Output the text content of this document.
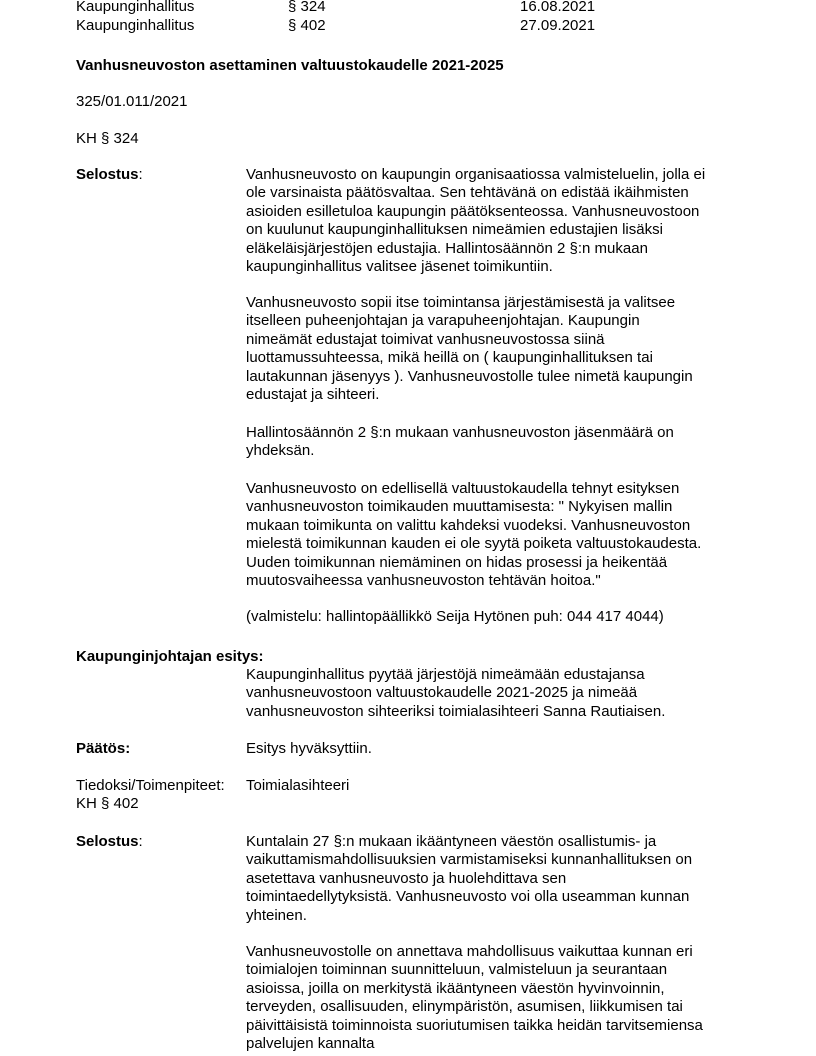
Kaupunginhallitus	§ 324	16.08.2021
Kaupunginhallitus	§ 402	27.09.2021
Vanhusneuvoston asettaminen valtuustokaudelle 2021-2025
325/01.011/2021
KH § 324
Selostus:	Vanhusneuvosto on kaupungin organisaatiossa valmisteluelin, jolla ei
ole varsinaista päätösvaltaa. Sen tehtävänä on edistää ikäihmisten
asioiden esilletuloa kaupungin päätöksenteossa. Vanhusneuvostoon
on kuulunut kaupunginhallituksen nimeämien edustajien lisäksi
eläkeläisjärjestöjen edustajia. Hallintosäännön 2 §:n mukaan
kaupunginhallitus valitsee jäsenet toimikuntiin.
Vanhusneuvosto sopii itse toimintansa järjestämisestä ja valitsee
itselleen puheenjohtajan ja varapuheenjohtajan. Kaupungin
nimeämät edustajat toimivat vanhusneuvostossa siinä
luottamussuhteessa, mikä heillä on ( kaupunginhallituksen tai
lautakunnan jäsenyys ). Vanhusneuvostolle tulee nimetä kaupungin
edustajat ja sihteeri.
Hallintosäännön 2 §:n mukaan vanhusneuvoston jäsenmäärä on
yhdeksän.
Vanhusneuvosto on edellisellä valtuustokaudella tehnyt esityksen
vanhusneuvoston toimikauden muuttamisesta: " Nykyisen mallin
mukaan toimikunta on valittu kahdeksi vuodeksi. Vanhusneuvoston
mielestä toimikunnan kauden ei ole syytä poiketa valtuustokaudesta.
Uuden toimikunnan niemäminen on hidas prosessi ja heikentää
muutosvaiheessa vanhusneuvoston tehtävän hoitoa."
(valmistelu: hallintopäällikkö Seija Hytönen puh: 044 417 4044)
Kaupunginjohtajan esitys:
Kaupunginhallitus pyytää järjestöjä nimeämään edustajansa
vanhusneuvostoon valtuustokaudelle 2021-2025 ja nimeää
vanhusneuvoston sihteeriksi toimialasihteeri Sanna Rautiaisen.
Päätös:	Esitys hyväksyttiin.
Tiedoksi/Toimenpiteet: Toimialasihteeri
KH § 402
Selostus:	Kuntalain 27 §:n mukaan ikääntyneen väestön osallistumis- ja
vaikuttamismahdollisuuksien varmistamiseksi kunnanhallituksen on
asetettava vanhusneuvosto ja huolehdittava sen
toimintaedellytyksistä. Vanhusneuvosto voi olla useamman kunnan
yhteinen.
Vanhusneuvostolle on annettava mahdollisuus vaikuttaa kunnan eri
toimialojen toiminnan suunnitteluun, valmisteluun ja seurantaan
asioissa, joilla on merkitystä ikääntyneen väestön hyvinvoinnin,
terveyden, osallisuuden, elinympäristön, asumisen, liikkumisen tai
päivittäisistä toiminnoista suoriutumisen taikka heidän tarvitsemiensa
palvelujen kannalta
